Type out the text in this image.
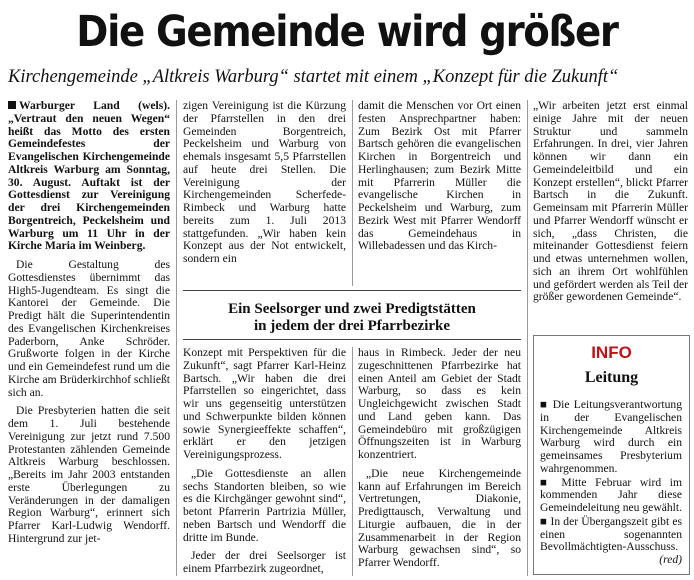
Die Gemeinde wird größer
Kirchengemeinde „Altkreis Warburg“ startet mit einem „Konzept für die Zukunft“

Warburger Land (wels). „Vertraut den neuen Wegen“ heißt das Motto des ersten Gemeindefestes der Evangelischen Kirchengemeinde Altkreis Warburg am Sonntag, 30. August. Auftakt ist der Gottesdienst zur Vereinigung der drei Kirchengemeinden Borgentreich, Peckelsheim und Warburg um 11 Uhr in der Kirche Maria im Weinberg.

Die Gestaltung des Gottesdienstes übernimmt das High5-Jugendteam. Es singt die Kantorei der Gemeinde. Die Predigt hält die Superintendentin des Evangelischen Kirchenkreises Paderborn, Anke Schröder. Grußworte folgen in der Kirche und ein Gemeindefest rund um die Kirche am Brüderkirchhof schließt sich an.

Die Presbyterien hatten die seit dem 1. Juli bestehende Vereinigung zur jetzt rund 7.500 Protestanten zählenden Gemeinde Altkreis Warburg beschlossen. „Bereits im Jahr 2003 entstanden erste Überlegungen zu Veränderungen in der damaligen Region Warburg“, erinnert sich Pfarrer Karl-Ludwig Wendorff. Hintergrund zur jet-

zigen Vereinigung ist die Kürzung der Pfarrstellen in den drei Gemeinden Borgentreich, Peckelsheim und Warburg von ehemals insgesamt 5,5 Pfarrstellen auf heute drei Stellen. Die Vereinigung der Kirchengemeinden Scherfede-Rimbeck und Warburg hatte bereits zum 1. Juli 2013 stattgefunden. „Wir haben kein Konzept aus der Not entwickelt, sondern ein

damit die Menschen vor Ort einen festen Ansprechpartner haben: Zum Bezirk Ost mit Pfarrer Bartsch gehören die evangelischen Kirchen in Borgentreich und Herlinghausen; zum Bezirk Mitte mit Pfarrerin Müller die evangelische Kirchen in Peckelsheim und Warburg, zum Bezirk West mit Pfarrer Wendorff das Gemeindehaus in Willebadessen und das Kirch-

„Wir arbeiten jetzt erst einmal einige Jahre mit der neuen Struktur und sammeln Erfahrungen. In drei, vier Jahren können wir dann ein Gemeindeleitbild und ein Konzept erstellen“, blickt Pfarrer Bartsch in die Zukunft. Gemeinsam mit Pfarrerin Müller und Pfarrer Wendorff wünscht er sich, „dass Christen, die miteinander Gottesdienst feiern und etwas unternehmen wollen, sich an ihrem Ort wohlfühlen und gefördert werden als Teil der größer gewordenen Gemeinde“.

Ein Seelsorger und zwei Predigtstätten
in jedem der drei Pfarrbezirke

Konzept mit Perspektiven für die Zukunft“, sagt Pfarrer Karl-Heinz Bartsch. „Wir haben die drei Pfarrstellen so eingerichtet, dass wir uns gegenseitig unterstützen und Schwerpunkte bilden können sowie Synergieeffekte schaffen“, erklärt er den jetzigen Vereinigungsprozess.

„Die Gottesdienste an allen sechs Standorten bleiben, so wie es die Kirchgänger gewohnt sind“, betont Pfarrerin Partrizia Müller, neben Bartsch und Wendorff die dritte im Bunde.

Jeder der drei Seelsorger ist einem Pfarrbezirk zugeordnet,

haus in Rimbeck. Jeder der neu zugeschnittenen Pfarrbezirke hat einen Anteil am Gebiet der Stadt Warburg, so dass es kein Ungleichgewicht zwischen Stadt und Land geben kann. Das Gemeindebüro mit großzügigen Öffnungszeiten ist in Warburg konzentriert.

„Die neue Kirchengemeinde kann auf Erfahrungen im Bereich Vertretungen, Diakonie, Predigttausch, Verwaltung und Liturgie aufbauen, die in der Zusammenarbeit in der Region Warburg gewachsen sind“, so Pfarrer Wendorff.

INFO
Leitung
■ Die Leitungsverantwortung in der Evangelischen Kirchengemeinde Altkreis Warburg wird durch ein gemeinsames Presbyterium wahrgenommen.
■ Mitte Februar wird im kommenden Jahr diese Gemeindeleitung neu gewählt.
■ In der Übergangszeit gibt es einen sogenannten Bevollmächtigten-Ausschuss.
(red)
